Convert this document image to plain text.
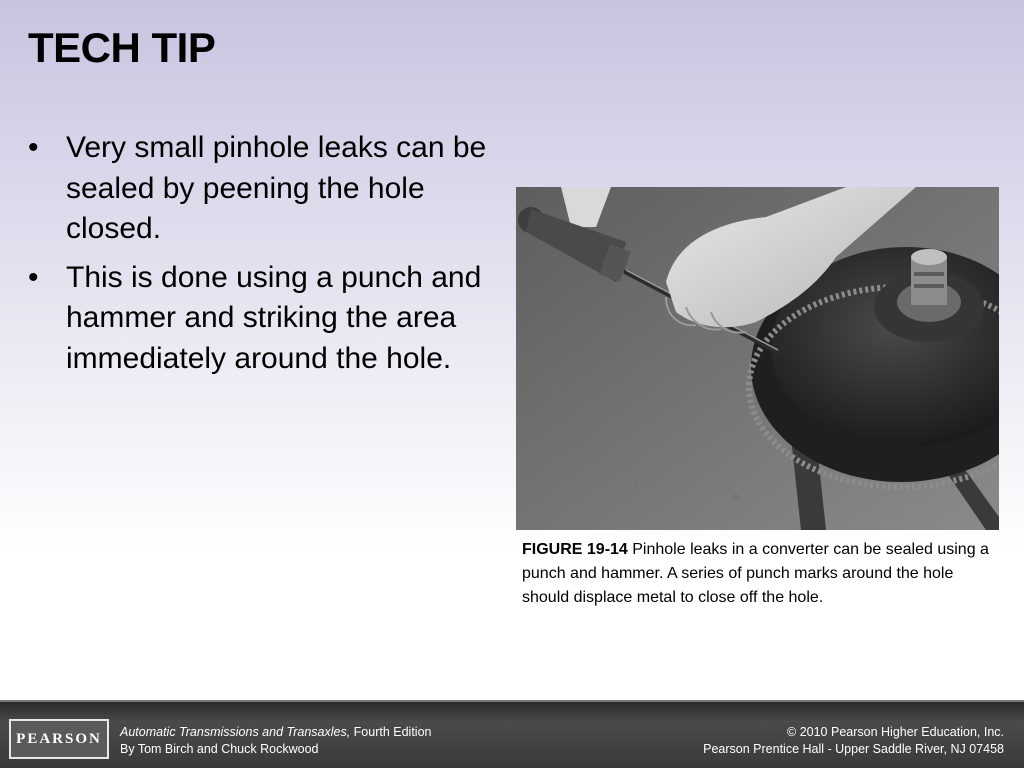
TECH TIP
• Very small pinhole leaks can be sealed by peening the hole closed.
• This is done using a punch and hammer and striking the area immediately around the hole.

FIGURE 19-14 Pinhole leaks in a converter can be sealed using a punch and hammer. A series of punch marks around the hole should displace metal to close off the hole.

PEARSON	Automatic Transmissions and Transaxles, Fourth Edition
By Tom Birch and Chuck Rockwood
© 2010 Pearson Higher Education, Inc.
Pearson Prentice Hall - Upper Saddle River, NJ 07458
